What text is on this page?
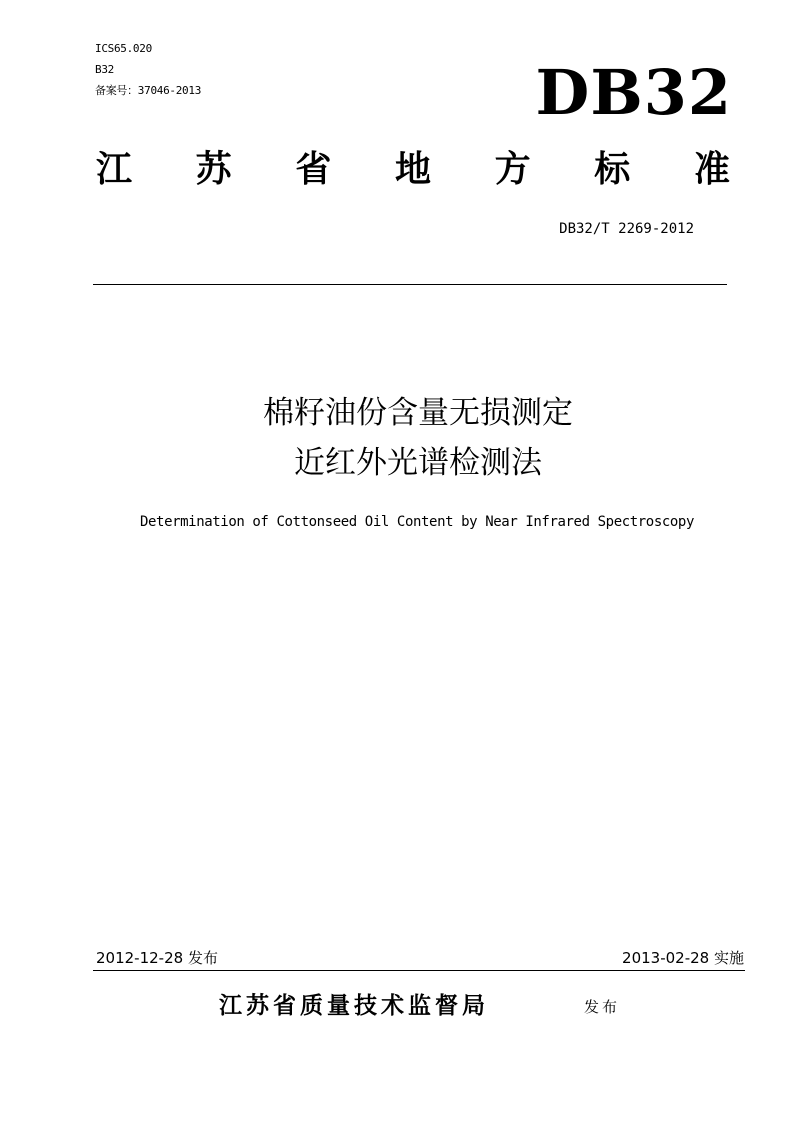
ICS65.020
B32
备案号：37046-2013	DB32
江 苏 省 地 方 标 准
DB32/T 2269-2012
棉籽油份含量无损测定
近红外光谱检测法
Determination of Cottonseed Oil Content by Near Infrared Spectroscopy
2012-12-28 发布	2013-02-28 实施
江苏省质量技术监督局	发布
